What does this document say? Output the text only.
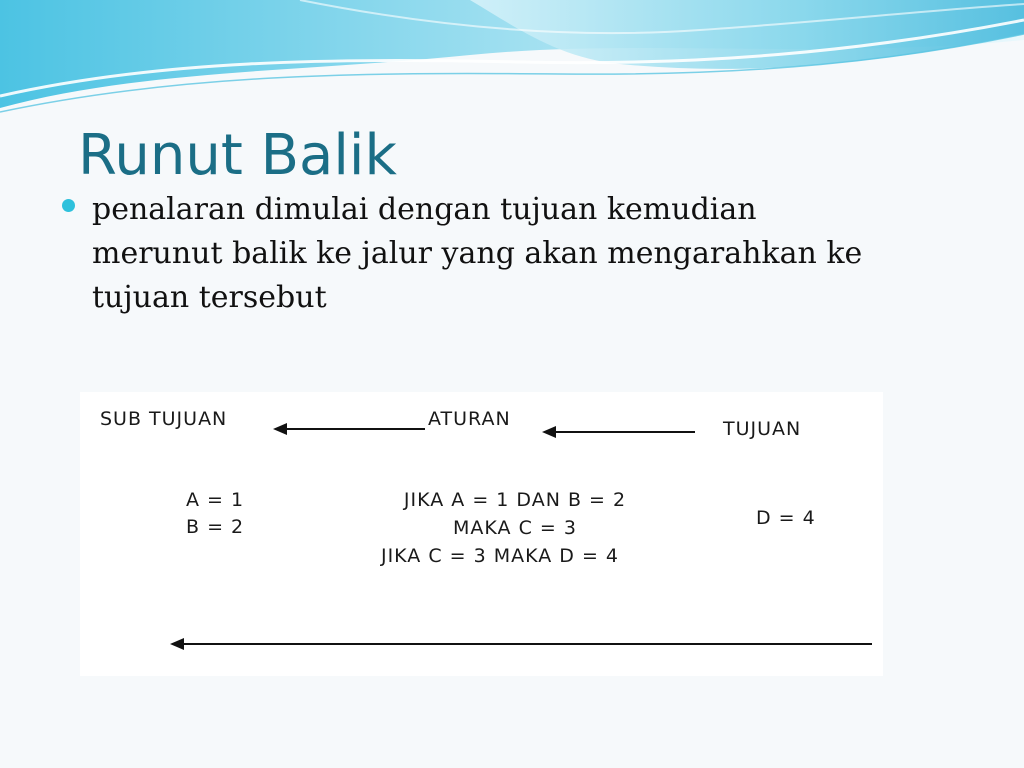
Runut Balik
penalaran dimulai dengan tujuan kemudian merunut balik ke jalur yang akan mengarahkan ke tujuan tersebut
SUB TUJUAN	ATURAN	TUJUAN
A = 1
B = 2
JIKA A = 1 DAN B = 2
MAKA C = 3
JIKA C = 3 MAKA D = 4
D = 4
